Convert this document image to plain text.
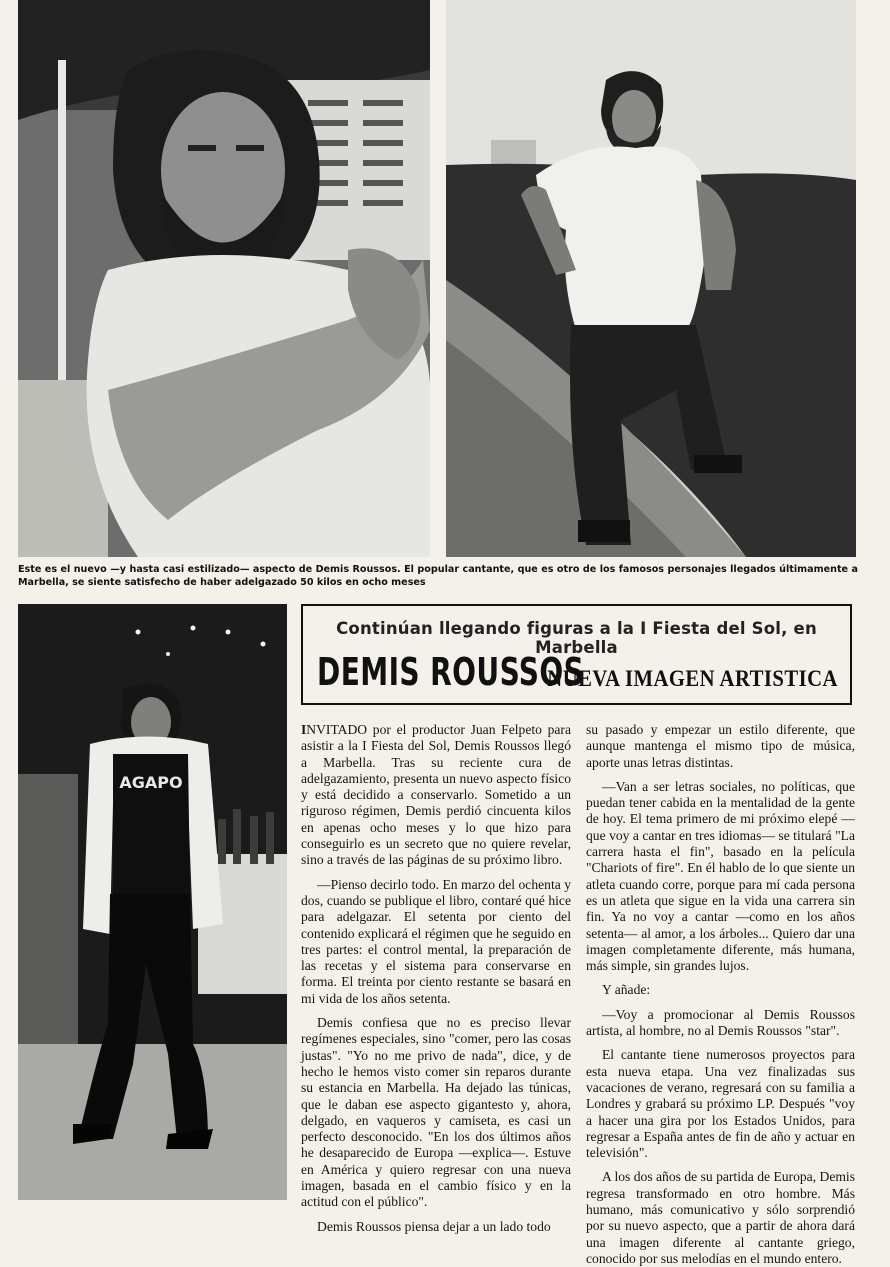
Este es el nuevo —y hasta casi estilizado— aspecto de Demis Roussos. El popular cantante, que es otro de los famosos personajes llegados últimamente a Marbella, se siente satisfecho de haber adelgazado 50 kilos en ocho meses
AGAPO
Continúan llegando figuras a la I Fiesta del Sol, en Marbella
DEMIS ROUSSOS
NUEVA IMAGEN ARTISTICA

INVITADO por el productor Juan Felpeto para asistir a la I Fiesta del Sol, Demis Roussos llegó a Marbella. Tras su reciente cura de adelgazamiento, presenta un nuevo aspecto físico y está decidido a conservarlo. Sometido a un riguroso régimen, Demis perdió cincuenta kilos en apenas ocho meses y lo que hizo para conseguirlo es un secreto que no quiere revelar, sino a través de las páginas de su próximo libro.

—Pienso decirlo todo. En marzo del ochenta y dos, cuando se publique el libro, contaré qué hice para adelgazar. El setenta por ciento del contenido explicará el régimen que he seguido en tres partes: el control mental, la preparación de las recetas y el sistema para conservarse en forma. El treinta por ciento restante se basará en mi vida de los años setenta.

Demis confiesa que no es preciso llevar regímenes especiales, sino "comer, pero las cosas justas". "Yo no me privo de nada", dice, y de hecho le hemos visto comer sin reparos durante su estancia en Marbella. Ha dejado las túnicas, que le daban ese aspecto gigantesto y, ahora, delgado, en vaqueros y camiseta, es casi un perfecto desconocido. "En los dos últimos años he desaparecido de Europa —explica—. Estuve en América y quiero regresar con una nueva imagen, basada en el cambio físico y en la actitud con el público".

Demis Roussos piensa dejar a un lado todo

su pasado y empezar un estilo diferente, que aunque mantenga el mismo tipo de música, aporte unas letras distintas.

—Van a ser letras sociales, no políticas, que puedan tener cabida en la mentalidad de la gente de hoy. El tema primero de mi próximo elepé —que voy a cantar en tres idiomas— se titulará "La carrera hasta el fin", basado en la película "Chariots of fire". En él hablo de lo que siente un atleta cuando corre, porque para mí cada persona es un atleta que sigue en la vida una carrera sin fin. Ya no voy a cantar —como en los años setenta— al amor, a los árboles... Quiero dar una imagen completamente diferente, más humana, más simple, sin grandes lujos.

Y añade:

—Voy a promocionar al Demis Roussos artista, al hombre, no al Demis Roussos "star".

El cantante tiene numerosos proyectos para esta nueva etapa. Una vez finalizadas sus vacaciones de verano, regresará con su familia a Londres y grabará su próximo LP. Después "voy a hacer una gira por los Estados Unidos, para regresar a España antes de fin de año y actuar en televisión".

A los dos años de su partida de Europa, Demis regresa transformado en otro hombre. Más humano, más comunicativo y sólo sorprendió por su nuevo aspecto, que a partir de ahora dará una imagen diferente al cantante griego, conocido por sus melodías en el mundo entero.
